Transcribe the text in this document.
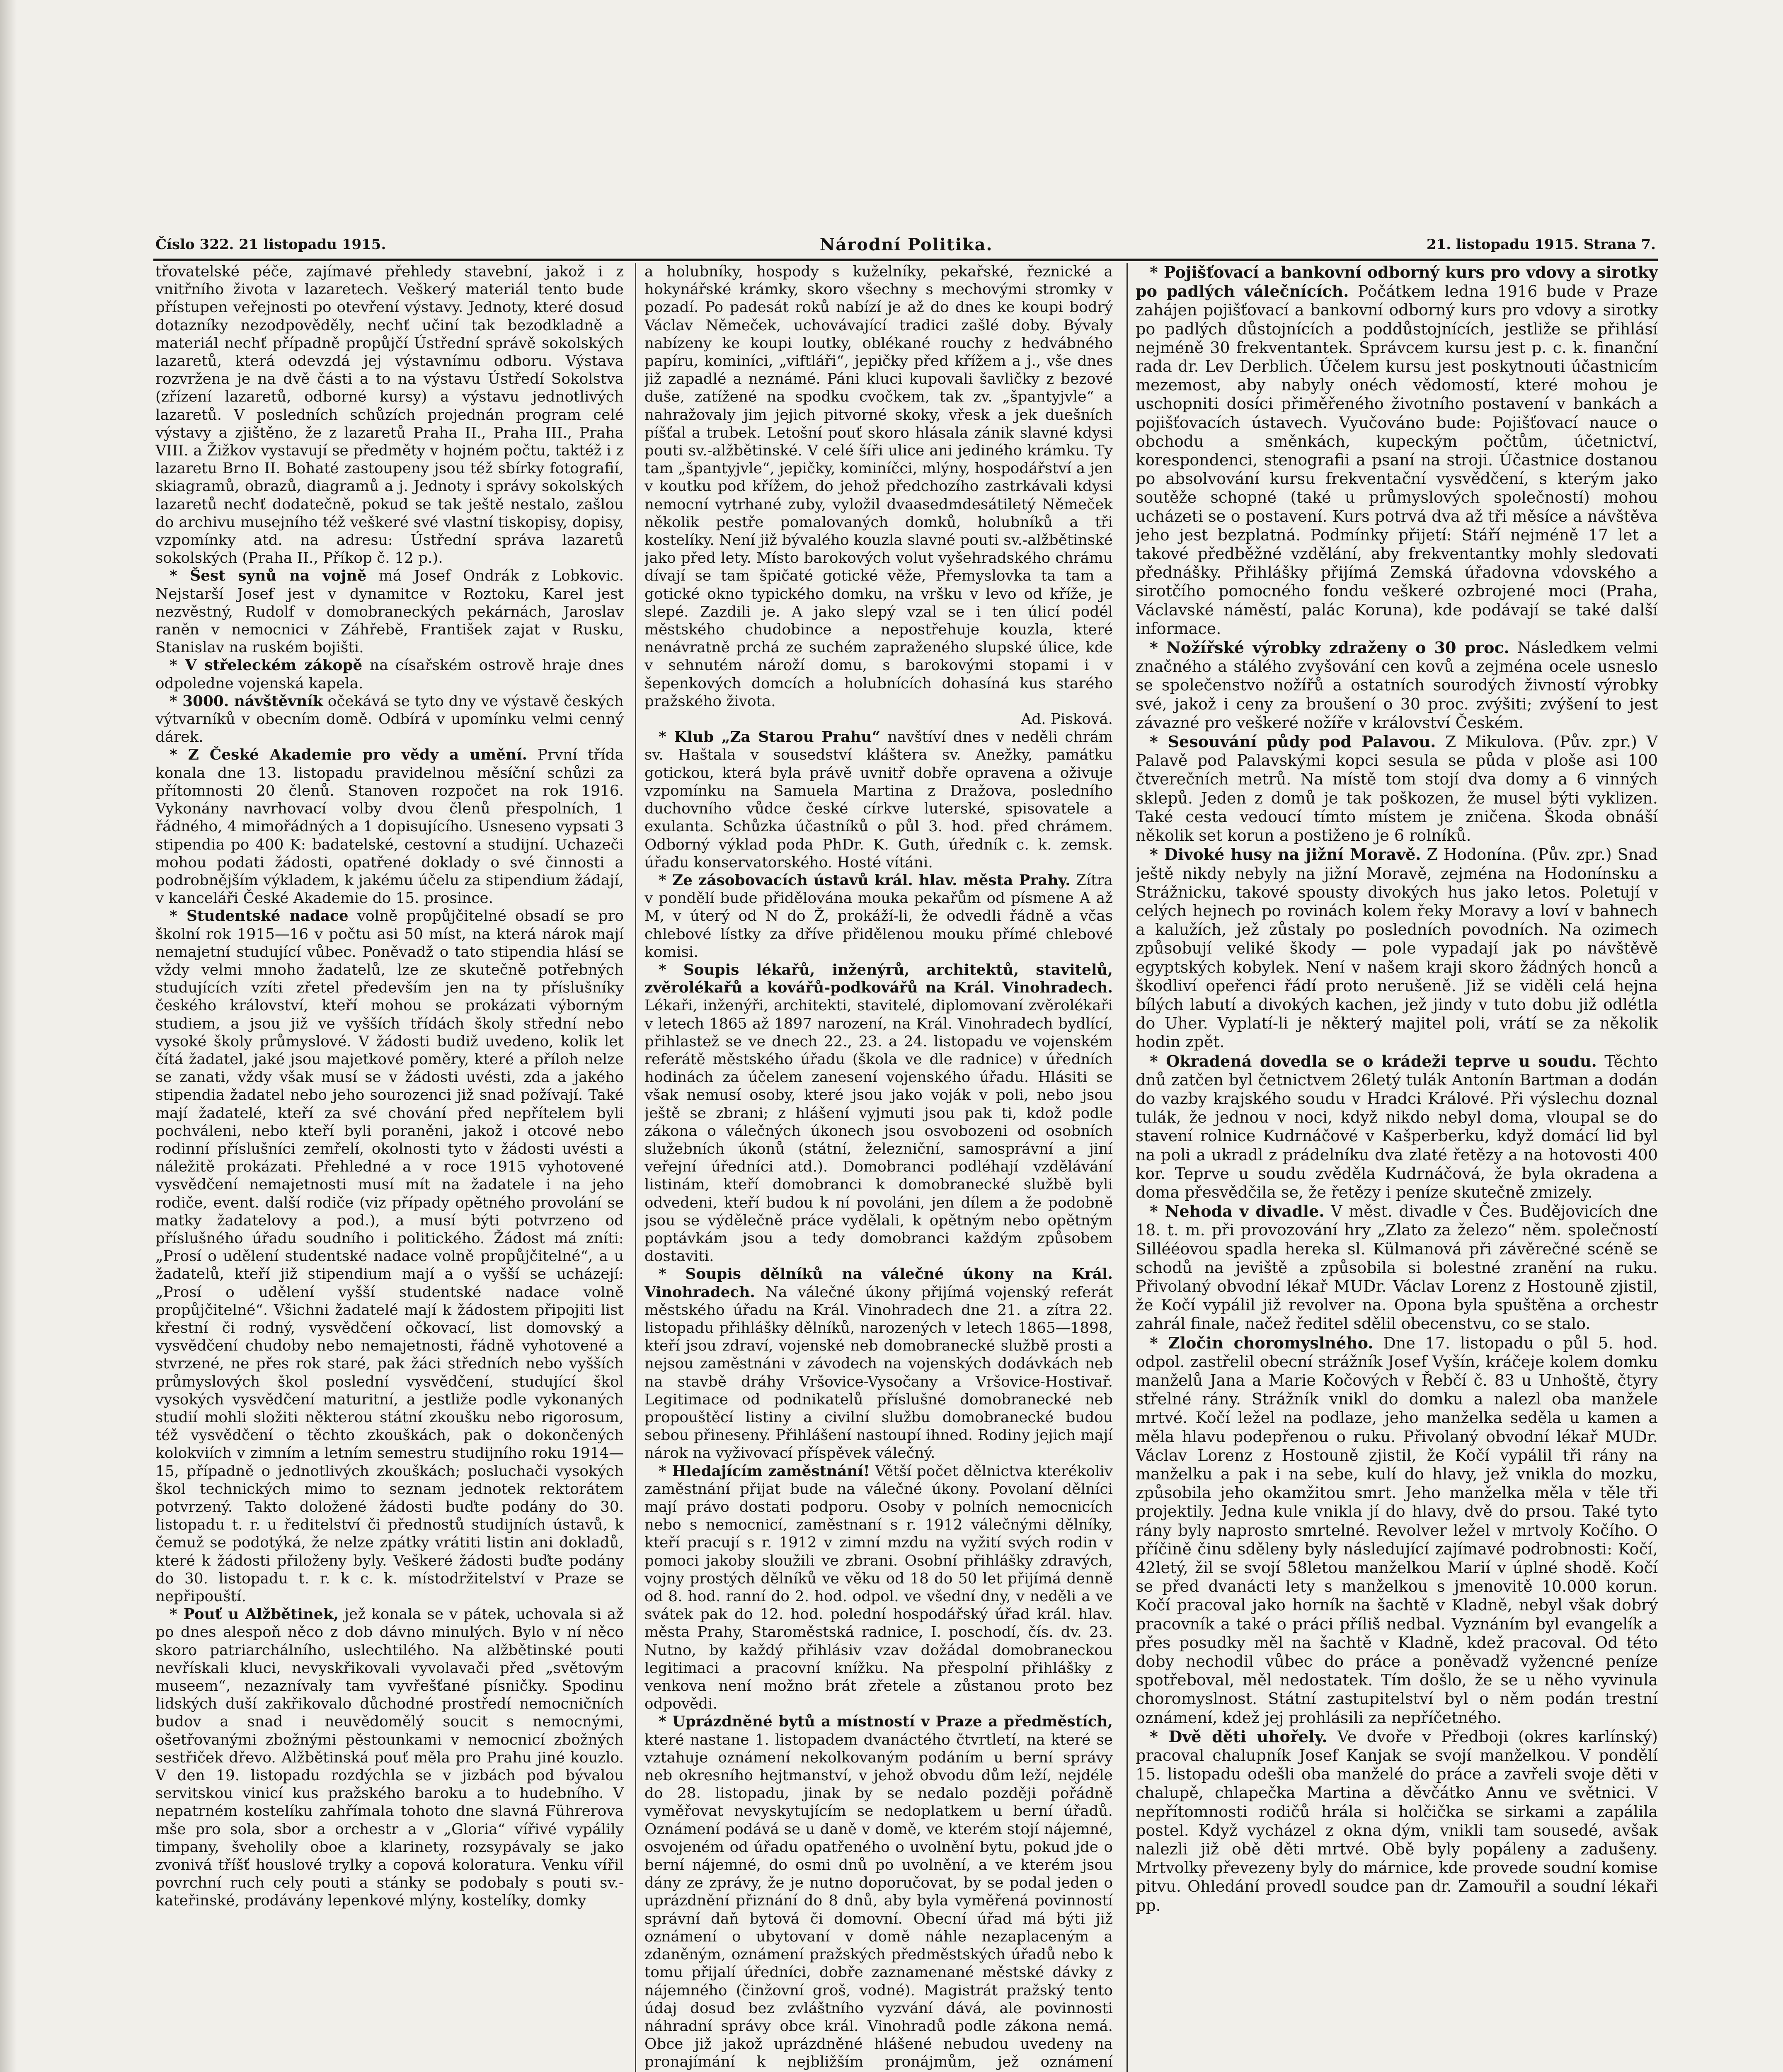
Číslo 322. 21 listopadu 1915.	Národní Politika.	21. listopadu 1915. Strana 7.

třovatelské péče, zajímavé přehledy stavební, jakož i z vnitřního života v lazaretech. Veškerý materiál tento bude přístupen veřejnosti po otevření výstavy. Jednoty, které dosud dotazníky nezodpověděly, nechť učiní tak bezodkladně a materiál nechť případně propůjčí Ústřední správě sokolských lazaretů, která odevzdá jej výstavnímu odboru. Výstava rozvržena je na dvě části a to na výstavu Ústředí Sokolstva (zřízení lazaretů, odborné kursy) a výstavu jednotlivých lazaretů. V posledních schůzích projednán program celé výstavy a zjištěno, že z lazaretů Praha II., Praha III., Praha VIII. a Žižkov vystavují se předměty v hojném počtu, taktéž i z lazaretu Brno II. Bohaté zastoupeny jsou též sbírky fotografií, skiagramů, obrazů, diagramů a j. Jednoty i správy sokolských lazaretů nechť dodatečně, pokud se tak ještě nestalo, zašlou do archivu musejního též veškeré své vlastní tiskopisy, dopisy, vzpomínky atd. na adresu: Ústřední správa lazaretů sokolských (Praha II., Příkop č. 12 p.).

* Šest synů na vojně má Josef Ondrák z Lobkovic. Nejstarší Josef jest v dynamitce v Roztoku, Karel jest nezvěstný, Rudolf v domobraneckých pekárnách, Jaroslav raněn v nemocnici v Záhřebě, František zajat v Rusku, Stanislav na ruském bojišti.

* V střeleckém zákopě na císařském ostrově hraje dnes odpoledne vojenská kapela.

* 3000. návštěvník očekává se tyto dny ve výstavě českých výtvarníků v obecním domě. Odbírá v upomínku velmi cenný dárek.

* Z České Akademie pro vědy a umění. První třída konala dne 13. listopadu pravidelnou měsíční schůzi za přítomnosti 20 členů. Stanoven rozpočet na rok 1916. Vykonány navrhovací volby dvou členů přespolních, 1 řádného, 4 mimořádných a 1 dopisujícího. Usneseno vypsati 3 stipendia po 400 K: badatelské, cestovní a studijní. Uchazeči mohou podati žádosti, opatřené doklady o své činnosti a podrobnějším výkladem, k jakému účelu za stipendium žádají, v kanceláři České Akademie do 15. prosince.

* Studentské nadace volně propůjčitelné obsadí se pro školní rok 1915—16 v počtu asi 50 míst, na která nárok mají nemajetní studující vůbec. Poněvadž o tato stipendia hlásí se vždy velmi mnoho žadatelů, lze ze skutečně potřebných studujících vzíti zřetel především jen na ty příslušníky českého království, kteří mohou se prokázati výborným studiem, a jsou již ve vyšších třídách školy střední nebo vysoké školy průmyslové. V žádosti budiž uvedeno, kolik let čítá žadatel, jaké jsou majetkové poměry, které a příloh nelze se zanati, vždy však musí se v žádosti uvésti, zda a jakého stipendia žadatel nebo jeho sourozenci již snad požívají. Také mají žadatelé, kteří za své chování před nepřítelem byli pochváleni, nebo kteří byli poraněni, jakož i otcové nebo rodinní příslušníci zemřelí, okolnosti tyto v žádosti uvésti a náležitě prokázati. Přehledné a v roce 1915 vyhotovené vysvědčení nemajetnosti musí mít na žadatele i na jeho rodiče, event. další rodiče (viz případy opětného provolání se matky žadatelovy a pod.), a musí býti potvrzeno od příslušného úřadu soudního i politického. Žádost má zníti: „Prosí o udělení studentské nadace volně propůjčitelné“, a u žadatelů, kteří již stipendium mají a o vyšší se ucházejí: „Prosí o udělení vyšší studentské nadace volně propůjčitelné“. Všichni žadatelé mají k žádostem připojiti list křestní či rodný, vysvědčení očkovací, list domovský a vysvědčení chudoby nebo nemajetnosti, řádně vyhotovené a stvrzené, ne přes rok staré, pak žáci středních nebo vyšších průmyslových škol poslední vysvědčení, studující škol vysokých vysvědčení maturitní, a jestliže podle vykonaných studií mohli složiti některou státní zkoušku nebo rigorosum, též vysvědčení o těchto zkouškách, pak o dokončených kolokviích v zimním a letním semestru studijního roku 1914—15, případně o jednotlivých zkouškách; posluchači vysokých škol technických mimo to seznam jednotek rektorátem potvrzený. Takto doložené žádosti buďte podány do 30. listopadu t. r. u ředitelství či přednostů studijních ústavů, k čemuž se podotýká, že nelze zpátky vrátiti listin ani dokladů, které k žádosti přiloženy byly. Veškeré žádosti buďte podány do 30. listopadu t. r. k c. k. místodržitelství v Praze se nepřipouští.

* Pouť u Alžbětinek, jež konala se v pátek, uchovala si až po dnes alespoň něco z dob dávno minulých. Bylo v ní něco skoro patriarchálního, uslechtilého. Na alžbětinské pouti nevřískali kluci, nevyskřikovali vyvolavači před „světovým museem“, nezaznívaly tam vyvřešťané písničky. Spodinu lidských duší zakřikovalo důchodné prostředí nemocničních budov a snad i neuvědomělý soucit s nemocnými, ošetřovanými zbožnými pěstounkami v nemocnicí zbožných sestřiček dřevo. Alžbětinská pouť měla pro Prahu jiné kouzlo. V den 19. listopadu rozdýchla se v jizbách pod bývalou servitskou vinicí kus pražského baroku a to hudebního. V nepatrném kostelíku zahřímala tohoto dne slavná Führerova mše pro sola, sbor a orchestr a v „Gloria“ vířivé vypálily timpany, šveholily oboe a klarinety, rozsypávaly se jako zvonivá tříšť houslové trylky a copová koloratura. Venku vířil povrchní ruch cely pouti a stánky se podobaly s pouti sv.-kateřinské, prodávány lepenkové mlýny, kostelíky, domky

a holubníky, hospody s kuželníky, pekařské, řeznické a hokynářské krámky, skoro všechny s mechovými stromky v pozadí. Po padesát roků nabízí je až do dnes ke koupi bodrý Václav Němeček, uchovávající tradici zašlé doby. Bývaly nabízeny ke koupi loutky, oblékané rouchy z hedvábného papíru, kominíci, „viftláři“, jepičky před křížem a j., vše dnes již zapadlé a neznámé. Páni kluci kupovali šavličky z bezové duše, zatížené na spodku cvočkem, tak zv. „špantyjvle“ a nahražovaly jim jejich pitvorné skoky, vřesk a jek duešních píšťal a trubek. Letošní pouť skoro hlásala zánik slavné kdysi pouti sv.-alžbětinské. V celé šíři ulice ani jediného krámku. Ty tam „špantyjvle“, jepičky, kominíčci, mlýny, hospodářství a jen v koutku pod křížem, do jehož předchozího zastrkávali kdysi nemocní vytrhané zuby, vyložil dvaasedmdesátiletý Němeček několik pestře pomalovaných domků, holubníků a tři kostelíky. Není již bývalého kouzla slavné pouti sv.-alžbětinské jako před lety. Místo barokových volut vyšehradského chrámu dívají se tam špičaté gotické věže, Přemyslovka ta tam a gotické okno typického domku, na vršku v levo od kříže, je slepé. Zazdili je. A jako slepý vzal se i ten úlicí podél městského chudobince a nepostřehuje kouzla, které nenávratně prchá ze suchém zapraženého slupské úlice, kde v sehnutém nároží domu, s barokovými stopami i v šepenkových domcích a holubnících dohasíná kus starého pražského života.
Ad. Pisková.

* Klub „Za Starou Prahu“ navštíví dnes v neděli chrám sv. Haštala v sousedství kláštera sv. Anežky, památku gotickou, která byla právě uvnitř dobře opravena a oživuje vzpomínku na Samuela Martina z Dražova, posledního duchovního vůdce české církve luterské, spisovatele a exulanta. Schůzka účastníků o půl 3. hod. před chrámem. Odborný výklad poda PhDr. K. Guth, úředník c. k. zemsk. úřadu konservatorského. Hosté vítáni.

* Ze zásobovacích ústavů král. hlav. města Prahy. Zítra v pondělí bude přidělována mouka pekařům od písmene A až M, v úterý od N do Ž, prokáží-li, že odvedli řádně a včas chlebové lístky za dříve přidělenou mouku přímé chlebové komisi.

* Soupis lékařů, inženýrů, architektů, stavitelů, zvěrolékařů a kovářů-podkovářů na Král. Vinohradech. Lékaři, inženýři, architekti, stavitelé, diplomovaní zvěrolékaři v letech 1865 až 1897 narození, na Král. Vinohradech bydlící, přihlastež se ve dnech 22., 23. a 24. listopadu ve vojenském referátě městského úřadu (škola ve dle radnice) v úředních hodinách za účelem zanesení vojenského úřadu. Hlásiti se však nemusí osoby, které jsou jako voják v poli, nebo jsou ještě se zbrani; z hlášení vyjmuti jsou pak ti, kdož podle zákona o válečných úkonech jsou osvobozeni od osobních služebních úkonů (státní, železniční, samosprávní a jiní veřejní úředníci atd.). Domobranci podléhají vzdělávání listinám, kteří domobranci k domobranecké službě byli odvedeni, kteří budou k ní povoláni, jen dílem a že podobně jsou se výdělečně práce vydělali, k opětným nebo opětným poptávkám jsou a tedy domobranci každým způsobem dostaviti.

* Soupis dělníků na válečné úkony na Král. Vinohradech. Na válečné úkony přijímá vojenský referát městského úřadu na Král. Vinohradech dne 21. a zítra 22. listopadu přihlášky dělníků, narozených v letech 1865—1898, kteří jsou zdraví, vojenské neb domobranecké službě prosti a nejsou zaměstnáni v závodech na vojenských dodávkách neb na stavbě dráhy Vršovice-Vysočany a Vršovice-Hostivař. Legitimace od podnikatelů příslušné domobranecké neb propouštěcí listiny a civilní službu domobranecké budou sebou přineseny. Přihlášení nastoupí ihned. Rodiny jejich mají nárok na vyživovací příspěvek válečný.

* Hledajícím zaměstnání! Větší počet dělnictva kterékoliv zaměstnání přijat bude na válečné úkony. Povolaní dělníci mají právo dostati podporu. Osoby v polních nemocnicích nebo s nemocnicí, zaměstnaní s r. 1912 válečnými dělníky, kteří pracují s r. 1912 v zimní mzdu na vyžití svých rodin v pomoci jakoby sloužili ve zbrani. Osobní přihlášky zdravých, vojny prostých dělníků ve věku od 18 do 50 let přijímá denně od 8. hod. ranní do 2. hod. odpol. ve všední dny, v neděli a ve svátek pak do 12. hod. polední hospodářský úřad král. hlav. města Prahy, Staroměstská radnice, I. poschodí, čís. dv. 23. Nutno, by každý přihlásiv vzav dožádal domobraneckou legitimaci a pracovní knížku. Na přespolní přihlášky z venkova není možno brát zřetele a zůstanou proto bez odpovědi.

* Uprázdněné bytů a místností v Praze a předměstích, které nastane 1. listopadem dvanáctého čtvrtletí, na které se vztahuje oznámení nekolkovaným podáním u berní správy neb okresního hejtmanství, v jehož obvodu dům leží, nejdéle do 28. listopadu, jinak by se nedalo později pořádně vyměřovat nevyskytujícím se nedoplatkem u berní úřadů. Oznámení podává se u daně v domě, ve kterém stojí nájemné, osvojeném od úřadu opatřeného o uvolnění bytu, pokud jde o berní nájemné, do osmi dnů po uvolnění, a ve kterém jsou dány ze zprávy, že je nutno doporučovat, by se podal jeden o uprázdnění přiznání do 8 dnů, aby byla vyměřená povinností správní daň bytová či domovní. Obecní úřad má býti již oznámení o ubytovaní v domě náhle nezaplaceným a zdaněným, oznámení pražských předměstských úřadů nebo k tomu přijalí úředníci, dobře zaznamenané městské dávky z nájemného (činžovní groš, vodné). Magistrát pražský tento údaj dosud bez zvláštního vyzvání dává, ale povinnosti náhradní správy obce král. Vinohradů podle zákona nemá. Obce již jakož uprázdněné hlášené nebudou uvedeny na pronajímání k nejbližším pronájmům, jež oznámení

* Pojišťovací a bankovní odborný kurs pro vdovy a sirotky po padlých válečnících. Počátkem ledna 1916 bude v Praze zahájen pojišťovací a bankovní odborný kurs pro vdovy a sirotky po padlých důstojnících a poddůstojnících, jestliže se přihlásí nejméně 30 frekventantek. Správcem kursu jest p. c. k. finanční rada dr. Lev Derblich. Účelem kursu jest poskytnouti účastnicím mezemost, aby nabyly onéch vědomostí, které mohou je uschopniti dosíci přiměřeného životního postavení v bankách a pojišťovacích ústavech. Vyučováno bude: Pojišťovací nauce o obchodu a směnkách, kupeckým počtům, účetnictví, korespondenci, stenografii a psaní na stroji. Účastnice dostanou po absolvování kursu frekventační vysvědčení, s kterým jako soutěže schopné (také u průmyslových společností) mohou ucházeti se o postavení. Kurs potrvá dva až tři měsíce a návštěva jeho jest bezplatná. Podmínky přijetí: Stáří nejméně 17 let a takové předběžné vzdělání, aby frekventantky mohly sledovati přednášky. Přihlášky přijímá Zemská úřadovna vdovského a sirotčího pomocného fondu veškeré ozbrojené moci (Praha, Václavské náměstí, palác Koruna), kde podávají se také další informace.

* Nožířské výrobky zdraženy o 30 proc. Následkem velmi značného a stálého zvyšování cen kovů a zejména ocele usneslo se společenstvo nožířů a ostatních sourodých živností výrobky své, jakož i ceny za broušení o 30 proc. zvýšiti; zvýšení to jest závazné pro veškeré nožíře v království Českém.

* Sesouvání půdy pod Palavou. Z Mikulova. (Pův. zpr.) V Palavě pod Palavskými kopci sesula se půda v ploše asi 100 čtverečních metrů. Na místě tom stojí dva domy a 6 vinných sklepů. Jeden z domů je tak poškozen, že musel býti vyklizen. Také cesta vedoucí tímto místem je zničena. Škoda obnáší několik set korun a postiženo je 6 rolníků.

* Divoké husy na jižní Moravě. Z Hodonína. (Pův. zpr.) Snad ještě nikdy nebyly na jižní Moravě, zejména na Hodonínsku a Strážnicku, takové spousty divokých hus jako letos. Poletují v celých hejnech po rovinách kolem řeky Moravy a loví v bahnech a kalužích, jež zůstaly po posledních povodních. Na ozimech způsobují veliké škody — pole vypadají jak po návštěvě egyptských kobylek. Není v našem kraji skoro žádných honců a škodliví opeřenci řádí proto nerušeně. Již se viděli celá hejna bílých labutí a divokých kachen, jež jindy v tuto dobu již odlétla do Uher. Vyplatí-li je některý majitel poli, vrátí se za několik hodin zpět.

* Okradená dovedla se o krádeži teprve u soudu. Těchto dnů zatčen byl četnictvem 26letý tulák Antonín Bartman a dodán do vazby krajského soudu v Hradci Králové. Při výslechu doznal tulák, že jednou v noci, když nikdo nebyl doma, vloupal se do stavení rolnice Kudrnáčové v Kašperberku, když domácí lid byl na poli a ukradl z prádelníku dva zlaté řetězy a na hotovosti 400 kor. Teprve u soudu zvěděla Kudrnáčová, že byla okradena a doma přesvědčila se, že řetězy i peníze skutečně zmizely.

* Nehoda v divadle. V měst. divadle v Čes. Budějovicích dne 18. t. m. při provozování hry „Zlato za železo“ něm. společností Sillééovou spadla hereka sl. Külmanová při závěrečné scéně se schodů na jeviště a způsobila si bolestné zranění na ruku. Přivolaný obvodní lékař MUDr. Václav Lorenz z Hostouně zjistil, že Kočí vypálil již revolver na. Opona byla spuštěna a orchestr zahrál finale, načež ředitel sdělil obecenstvu, co se stalo.

* Zločin choromyslného. Dne 17. listopadu o půl 5. hod. odpol. zastřelil obecní strážník Josef Vyšín, kráčeje kolem domku manželů Jana a Marie Kočových v Řebčí č. 83 u Unhoště, čtyry střelné rány. Strážník vnikl do domku a nalezl oba manžele mrtvé. Kočí ležel na podlaze, jeho manželka seděla u kamen a měla hlavu podepřenou o ruku. Přivolaný obvodní lékař MUDr. Václav Lorenz z Hostouně zjistil, že Kočí vypálil tři rány na manželku a pak i na sebe, kulí do hlavy, jež vnikla do mozku, způsobila jeho okamžitou smrt. Jeho manželka měla v těle tři projektily. Jedna kule vnikla jí do hlavy, dvě do prsou. Také tyto rány byly naprosto smrtelné. Revolver ležel v mrtvoly Kočího. O příčině činu sděleny byly následující zajímavé podrobnosti: Kočí, 42letý, žil se svojí 58letou manželkou Marií v úplné shodě. Kočí se před dvanácti lety s manželkou s jmenovitě 10.000 korun. Kočí pracoval jako horník na šachtě v Kladně, nebyl však dobrý pracovník a také o práci příliš nedbal. Vyznáním byl evangelík a přes posudky měl na šachtě v Kladně, kdež pracoval. Od této doby nechodil vůbec do práce a poněvadž vyžencné peníze spotřeboval, měl nedostatek. Tím došlo, že se u něho vyvinula choromyslnost. Státní zastupitelství byl o něm podán trestní oznámení, kdež jej prohlásili za nepříčetného.

* Dvě děti uhořely. Ve dvoře v Předboji (okres karlínský) pracoval chalupník Josef Kanjak se svojí manželkou. V pondělí 15. listopadu odešli oba manželé do práce a zavřeli svoje děti v chalupě, chlapečka Martina a děvčátko Annu ve světnici. V nepřítomnosti rodičů hrála si holčička se sirkami a zapálila postel. Když vycházel z okna dým, vnikli tam sousedé, avšak nalezli již obě děti mrtvé. Obě byly popáleny a zadušeny. Mrtvolky převezeny byly do márnice, kde provede soudní komise pitvu. Ohledání provedl soudce pan dr. Zamouřil a soudní lékaři pp.
